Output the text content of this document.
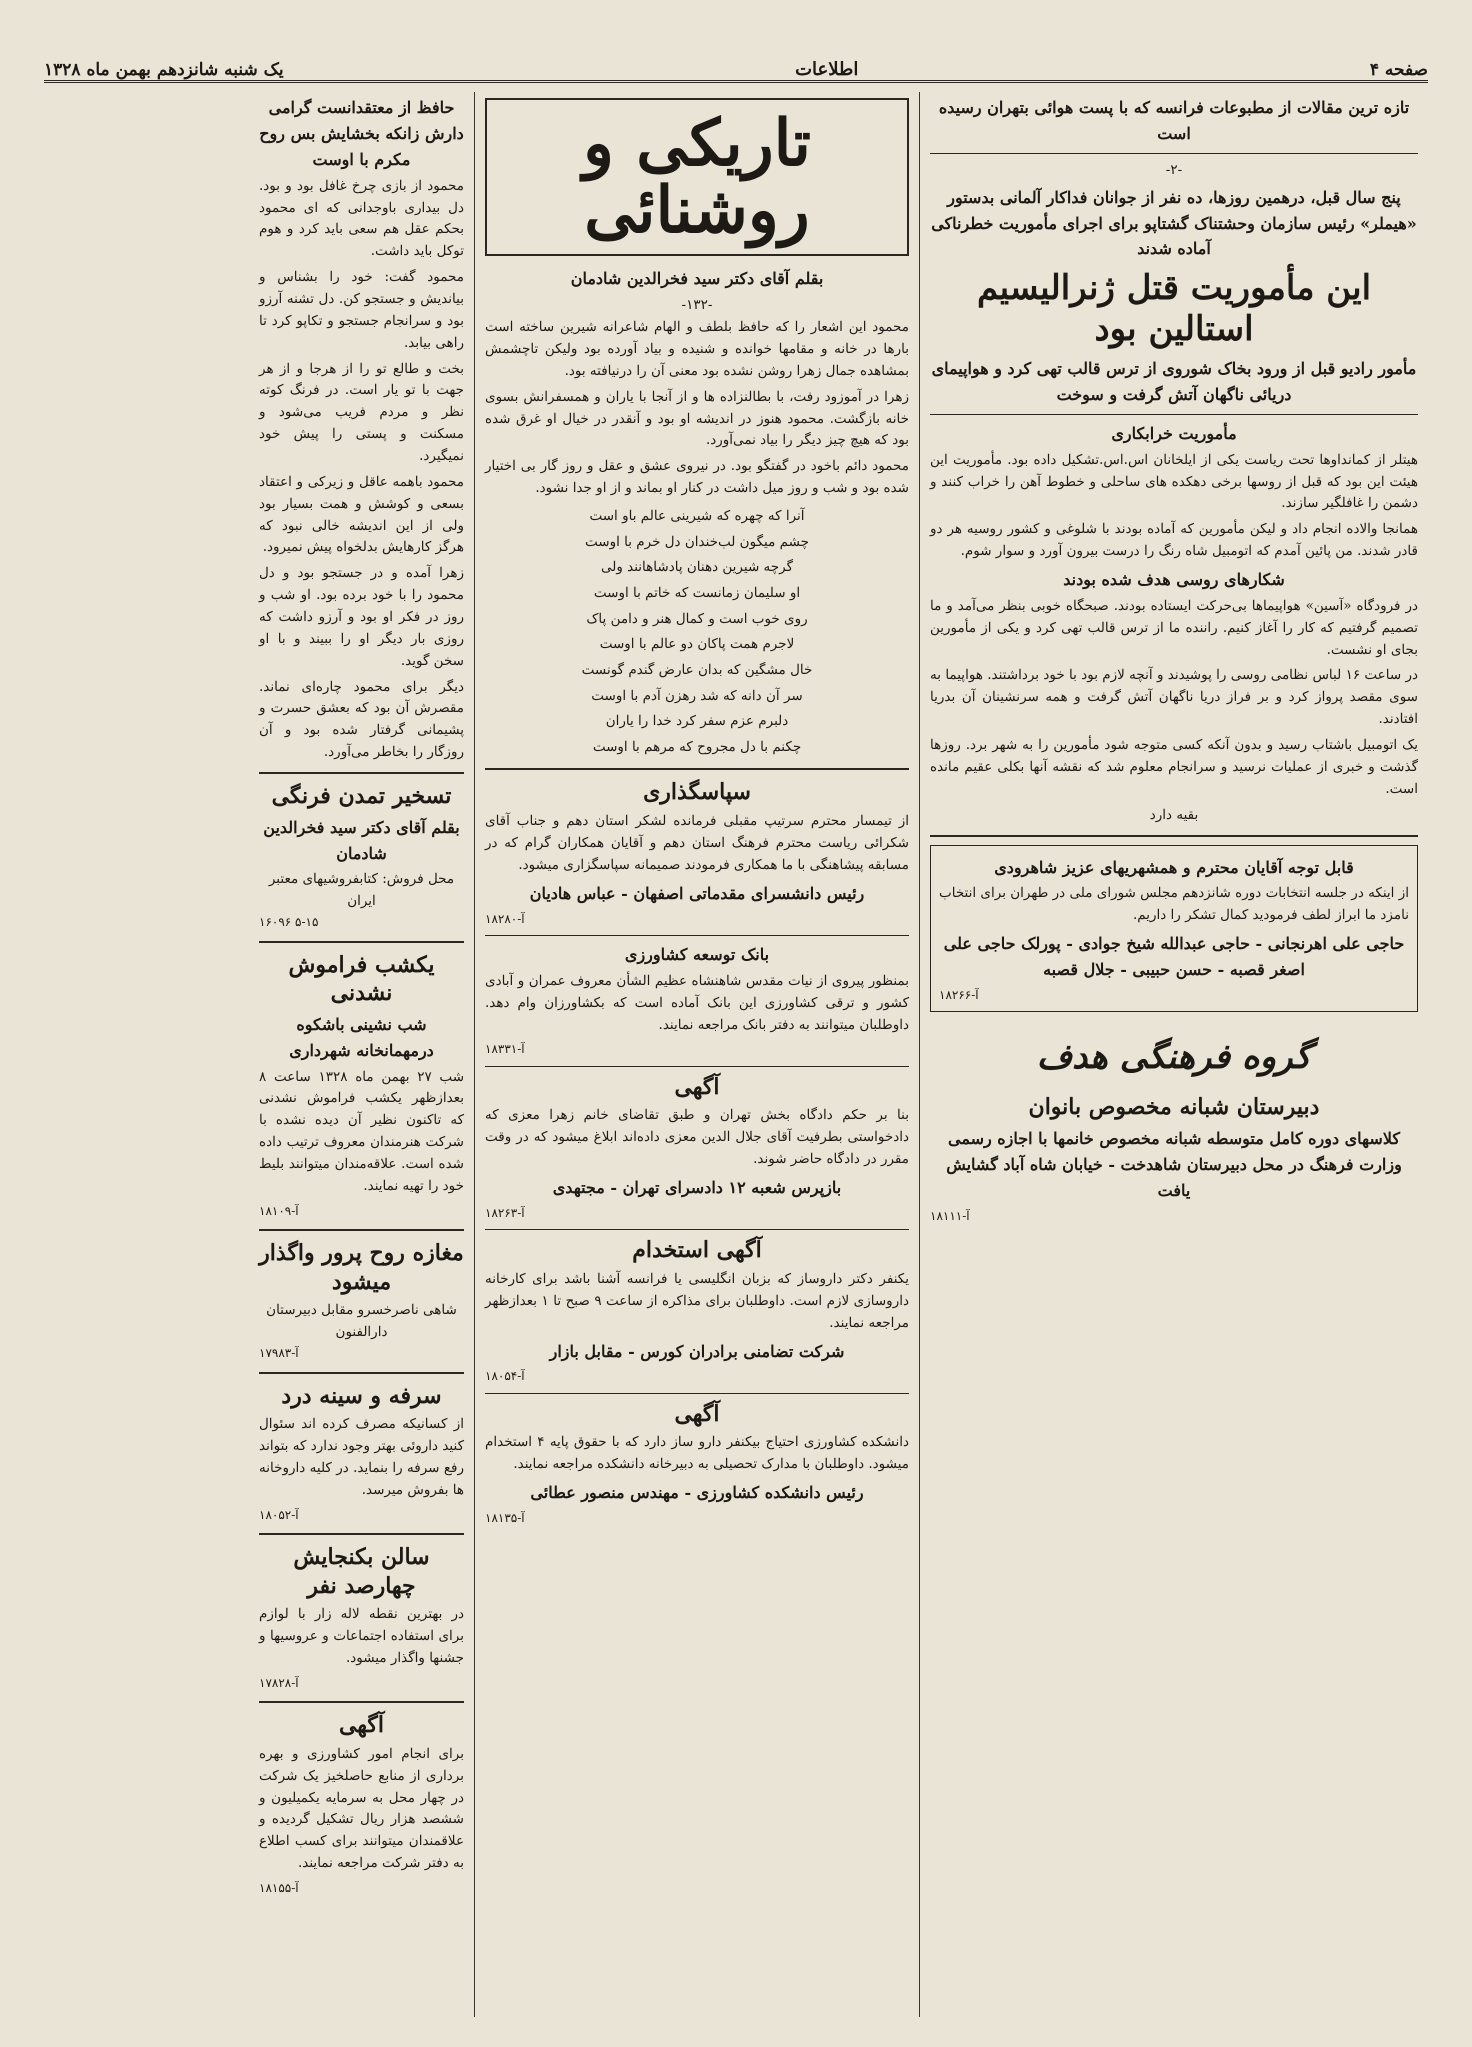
صفحه ۴
اطلاعات
یک شنبه شانزدهم بهمن ماه ۱۳۲۸
تازه ترین مقالات از مطبوعات فرانسه که با پست هوائی بتهران رسیده است
-۲-
پنج سال قبل، درهمین روزها، ده نفر از جوانان فداکار آلمانی بدستور «هیملر» رئیس سازمان وحشتناک گشتاپو برای اجرای مأموریت خطرناکی آماده شدند
این مأموریت قتل ژنرالیسیم استالین بود
مأمور رادیو قبل از ورود بخاک شوروی از ترس قالب تهی کرد و هواپیمای دریائی ناگهان آتش گرفت و سوخت
مأموریت خرابکاری

هیتلر از کمانداوها تحت ریاست یکی از ایلخانان اس.اس.تشکیل داده بود. مأموریت این هیئت این بود که قبل از روسها برخی دهکده های ساحلی و خطوط آهن را خراب کنند و دشمن را غافلگیر سازند.

همانجا والاده انجام داد و لیکن مأمورین که آماده بودند با شلوغی و کشور روسیه هر دو قادر شدند. من پائین آمدم که اتومبیل شاه رنگ را درست بیرون آورد و سوار شوم.

شکارهای روسی هدف شده بودند

در فرودگاه «آسین» هواپیماها بی‌حرکت ایستاده بودند. صبحگاه خوبی بنظر می‌آمد و ما تصمیم گرفتیم که کار را آغاز کنیم. راننده ما از ترس قالب تهی کرد و یکی از مأمورین بجای او نشست.

در ساعت ۱۶ لباس نظامی روسی را پوشیدند و آنچه لازم بود با خود برداشتند. هواپیما به سوی مقصد پرواز کرد و بر فراز دریا ناگهان آتش گرفت و همه سرنشینان آن بدریا افتادند.

یک اتومبیل باشتاب رسید و بدون آنکه کسی متوجه شود مأمورین را به شهر برد. روزها گذشت و خبری از عملیات نرسید و سرانجام معلوم شد که نقشه آنها بکلی عقیم مانده است.

بقیه دارد
قابل توجه آقایان محترم و همشهریهای عزیز شاهرودی

از اینکه در جلسه انتخابات دوره شانزدهم مجلس شورای ملی در طهران برای انتخاب نامزد ما ابراز لطف فرمودید کمال تشکر را داریم.

حاجی علی اهرنجانی - حاجی عبدالله شیخ جوادی - پورلک حاجی علی اصغر قصبه - حسن حبیبی - جلال قصبه
آ-۱۸۲۶۶
گروه فرهنگی هدف
دبیرستان شبانه مخصوص بانوان
کلاسهای دوره کامل متوسطه شبانه مخصوص خانمها با اجازه رسمی وزارت فرهنگ در محل دبیرستان شاهدخت - خیابان شاه آباد گشایش یافت
آ-۱۸۱۱۱
تاریکی و روشنائی
بقلم آقای دکتر سید فخرالدین شادمان
-۱۳۲-

محمود این اشعار را که حافظ بلطف و الهام شاعرانه شیرین ساخته است بارها در خانه و مقامها خوانده و شنیده و بیاد آورده بود ولیکن تاچشمش بمشاهده جمال زهرا روشن نشده بود معنی آن را درنیافته بود.

زهرا در آموزود رفت، با بطالنزاده ها و از آنجا با یاران و همسفرانش بسوی خانه بازگشت. محمود هنوز در اندیشه او بود و آنقدر در خیال او غرق شده بود که هیچ چیز دیگر را بیاد نمی‌آورد.

محمود دائم باخود در گفتگو بود. در نیروی عشق و عقل و روز گار بی اختیار شده بود و شب و روز میل داشت در کنار او بماند و از او جدا نشود.

آنرا که چهره که شیرینی عالم باو است
چشم میگون لب‌خندان دل خرم با اوست
گرچه شیرین دهنان پادشاهانند ولی
او سلیمان زمانست که خاتم با اوست
روی خوب است و کمال هنر و دامن پاک
لاجرم همت پاکان دو عالم با اوست
خال مشگین که بدان عارض گندم گونست
سر آن دانه که شد رهزن آدم با اوست
دلبرم عزم سفر کرد خدا را یاران
چکنم با دل مجروح که مرهم با اوست
سپاسگذاری

از تیمسار محترم سرتیپ مقبلی فرمانده لشکر استان دهم و جناب آقای شکرائی ریاست محترم فرهنگ استان دهم و آقایان همکاران گرام که در مسابقه پیشاهنگی با ما همکاری فرمودند صمیمانه سپاسگزاری میشود.

رئیس دانشسرای مقدماتی اصفهان - عباس هادیان
آ-۱۸۲۸۰
بانک توسعه کشاورزی

بمنظور پیروی از نیات مقدس شاهنشاه عظیم الشأن معروف عمران و آبادی کشور و ترقی کشاورزی این بانک آماده است که بکشاورزان وام دهد. داوطلبان میتوانند به دفتر بانک مراجعه نمایند.

آ-۱۸۳۳۱
آگهی

بنا بر حکم دادگاه بخش تهران و طبق تقاضای خانم زهرا معزی که دادخواستی بطرفیت آقای جلال الدین معزی داده‌اند ابلاغ میشود که در وقت مقرر در دادگاه حاضر شوند.

بازپرس شعبه ۱۲ دادسرای تهران - مجتهدی
آ-۱۸۲۶۳
آگهی استخدام

یکنفر دکتر داروساز که بزبان انگلیسی یا فرانسه آشنا باشد برای کارخانه داروسازی لازم است. داوطلبان برای مذاکره از ساعت ۹ صبح تا ۱ بعدازظهر مراجعه نمایند.

شرکت تضامنی برادران کورس - مقابل بازار
آ-۱۸۰۵۴
آگهی

دانشکده کشاورزی احتیاج بیکنفر دارو ساز دارد که با حقوق پایه ۴ استخدام میشود. داوطلبان با مدارک تحصیلی به دبیرخانه دانشکده مراجعه نمایند.

رئیس دانشکده کشاورزی - مهندس منصور عطائی
آ-۱۸۱۳۵
حافظ از معتقدانست گرامی دارش زانکه بخشایش بس روح مکرم با اوست

محمود از بازی چرخ غافل بود و بود. دل بیداری باوجدانی که ای محمود بحکم عقل هم سعی باید کرد و هوم توکل باید داشت.

محمود گفت: خود را بشناس و بیاندیش و جستجو کن. دل تشنه آرزو بود و سرانجام جستجو و تکاپو کرد تا راهی بیابد.

بخت و طالع تو را از هرجا و از هر جهت با تو یار است. در فرنگ کوته نظر و مردم فریب می‌شود و مسکنت و پستی را پیش خود نمیگیرد.

محمود باهمه عاقل و زیرکی و اعتقاد بسعی و کوشش و همت بسیار بود ولی از این اندیشه خالی نبود که هرگز کارهایش بدلخواه پیش نمیرود.

زهرا آمده و در جستجو بود و دل محمود را با خود برده بود. او شب و روز در فکر او بود و آرزو داشت که روزی بار دیگر او را ببیند و با او سخن گوید.

دیگر برای محمود چاره‌ای نماند. مقصرش آن بود که بعشق حسرت و پشیمانی گرفتار شده بود و آن روزگار را بخاطر می‌آورد.

تسخیر تمدن فرنگی
بقلم آقای دکتر سید فخرالدین شادمان
محل فروش: کتابفروشیهای معتبر ایران
۱۶۰۹۶ ۵-۱۵
یکشب فراموش نشدنی
شب نشینی باشکوه درمهمانخانه شهرداری

شب ۲۷ بهمن ماه ۱۳۲۸ ساعت ۸ بعدازظهر یکشب فراموش نشدنی که تاکنون نظیر آن دیده نشده با شرکت هنرمندان معروف ترتیب داده شده است. علاقه‌مندان میتوانند بلیط خود را تهیه نمایند.

آ-۱۸۱۰۹
مغازه روح پرور واگذار میشود
شاهی ناصرخسرو مقابل دبیرستان دارالفنون
آ-۱۷۹۸۳
سرفه و سینه درد

از کسانیکه مصرف کرده اند سئوال کنید داروئی بهتر وجود ندارد که بتواند رفع سرفه را بنماید. در کلیه داروخانه ها بفروش میرسد.

آ-۱۸۰۵۲
سالن بکنجایش چهارصد نفر

در بهترین نقطه لاله زار با لوازم برای استفاده اجتماعات و عروسیها و جشنها واگذار میشود.

آ-۱۷۸۲۸
آگهی

برای انجام امور کشاورزی و بهره برداری از منابع حاصلخیز یک شرکت در چهار محل به سرمایه یکمیلیون و ششصد هزار ریال تشکیل گردیده و علاقمندان میتوانند برای کسب اطلاع به دفتر شرکت مراجعه نمایند.

آ-۱۸۱۵۵
